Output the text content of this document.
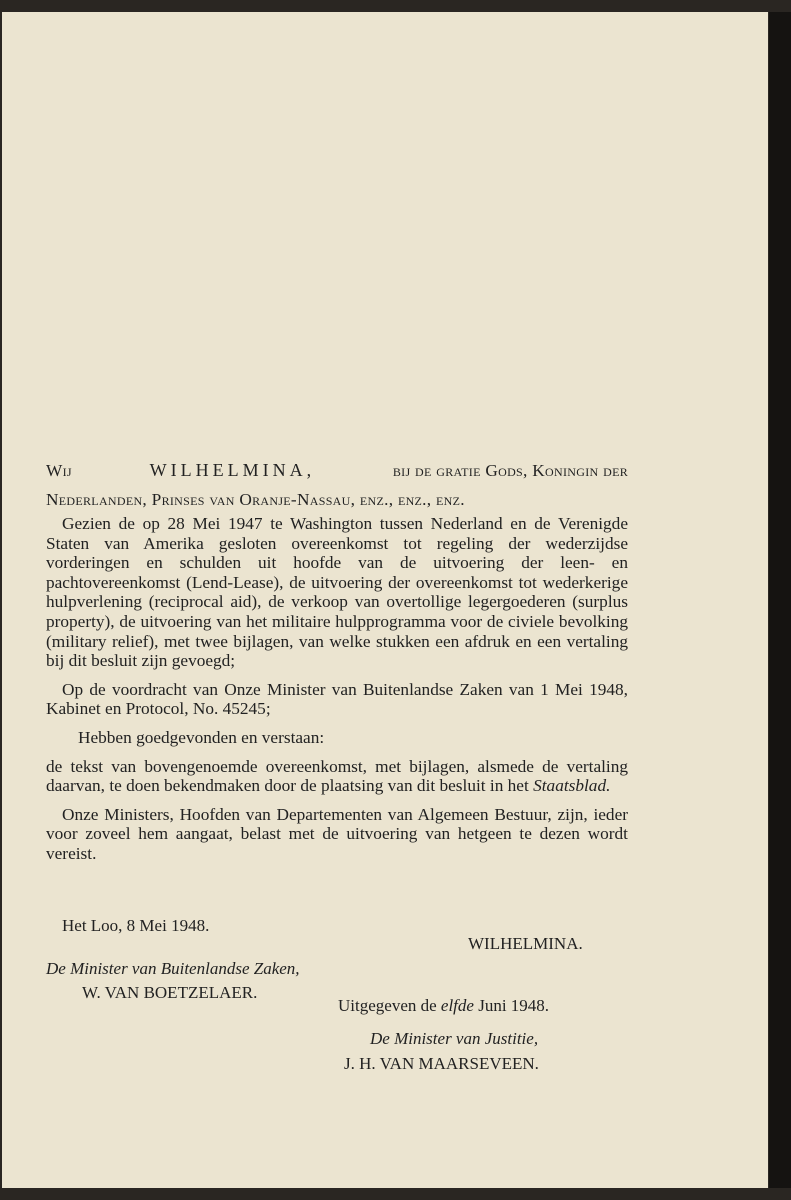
Wij	WILHELMINA,	bij de gratie Gods, Koningin der
Nederlanden, Prinses van Oranje-Nassau, enz., enz., enz.

Gezien de op 28 Mei 1947 te Washington tussen Nederland en de Verenigde Staten van Amerika gesloten overeenkomst tot regeling der wederzijdse vorderingen en schulden uit hoofde van de uitvoering der leen- en pachtovereenkomst (Lend-Lease), de uitvoering der overeenkomst tot wederkerige hulpverlening (reciprocal aid), de verkoop van overtollige legergoederen (surplus property), de uitvoering van het militaire hulpprogramma voor de civiele bevolking (military relief), met twee bijlagen, van welke stukken een afdruk en een vertaling bij dit besluit zijn gevoegd;

Op de voordracht van Onze Minister van Buitenlandse Zaken van 1 Mei 1948, Kabinet en Protocol, No. 45245;

Hebben goedgevonden en verstaan:

de tekst van bovengenoemde overeenkomst, met bijlagen, alsmede de vertaling daarvan, te doen bekendmaken door de plaatsing van dit besluit in het Staatsblad.

Onze Ministers, Hoofden van Departementen van Algemeen Bestuur, zijn, ieder voor zoveel hem aangaat, belast met de uitvoering van hetgeen te dezen wordt vereist.

Het Loo, 8 Mei 1948.
WILHELMINA.
De Minister van Buitenlandse Zaken,
W. VAN BOETZELAER.
Uitgegeven de elfde Juni 1948.
De Minister van Justitie,
J. H. VAN MAARSEVEEN.
